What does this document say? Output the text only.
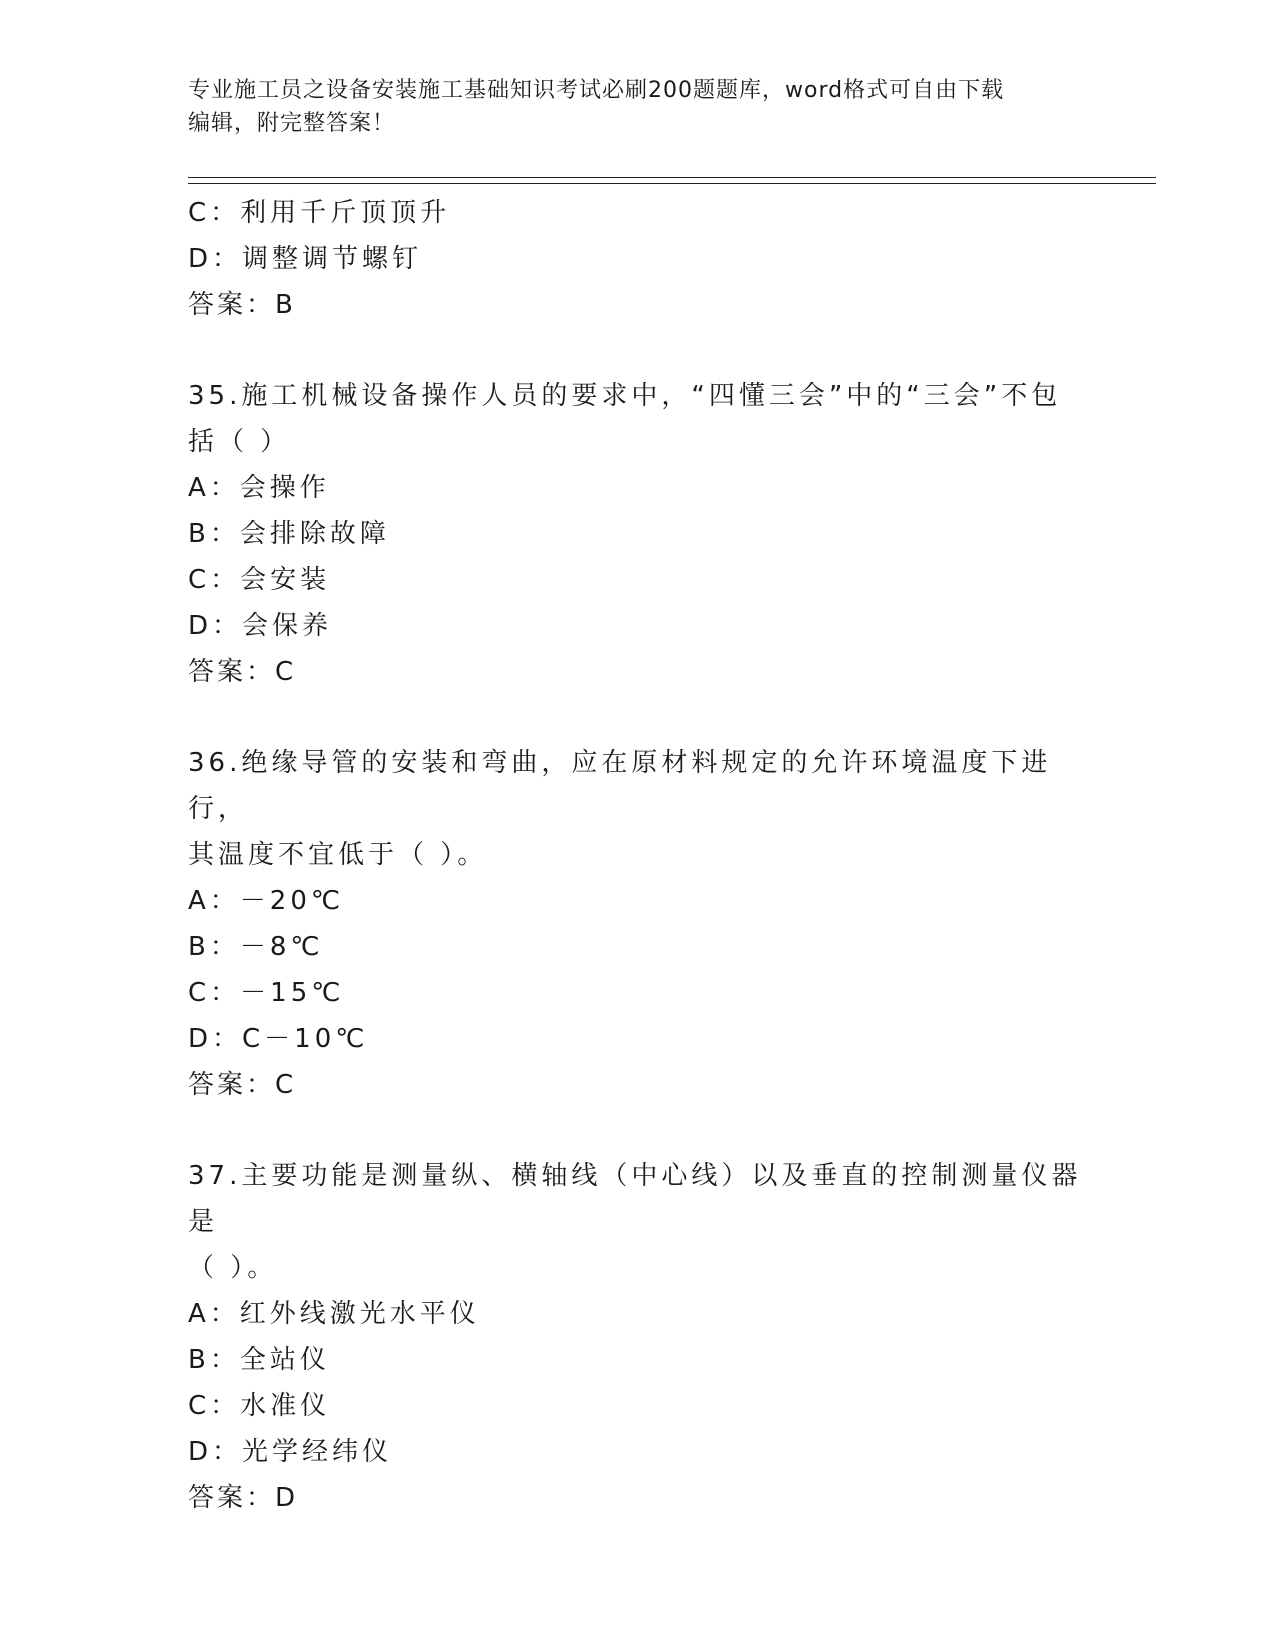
专业施工员之设备安装施工基础知识考试必刷200题题库，word格式可自由下载
编辑，附完整答案！
C：利用千斤顶顶升
D：调整调节螺钉
答案：B
35.施工机械设备操作人员的要求中，“四懂三会”中的“三会”不包
括（ ）
A：会操作
B：会排除故障
C：会安装
D：会保养
答案：C
36.绝缘导管的安装和弯曲，应在原材料规定的允许环境温度下进行，
其温度不宜低于（ ）。
A：－20℃
B：－8℃
C：－15℃
D：C－10℃
答案：C
37.主要功能是测量纵、横轴线（中心线）以及垂直的控制测量仪器是
（ ）。
A：红外线激光水平仪
B：全站仪
C：水准仪
D：光学经纬仪
答案：D
